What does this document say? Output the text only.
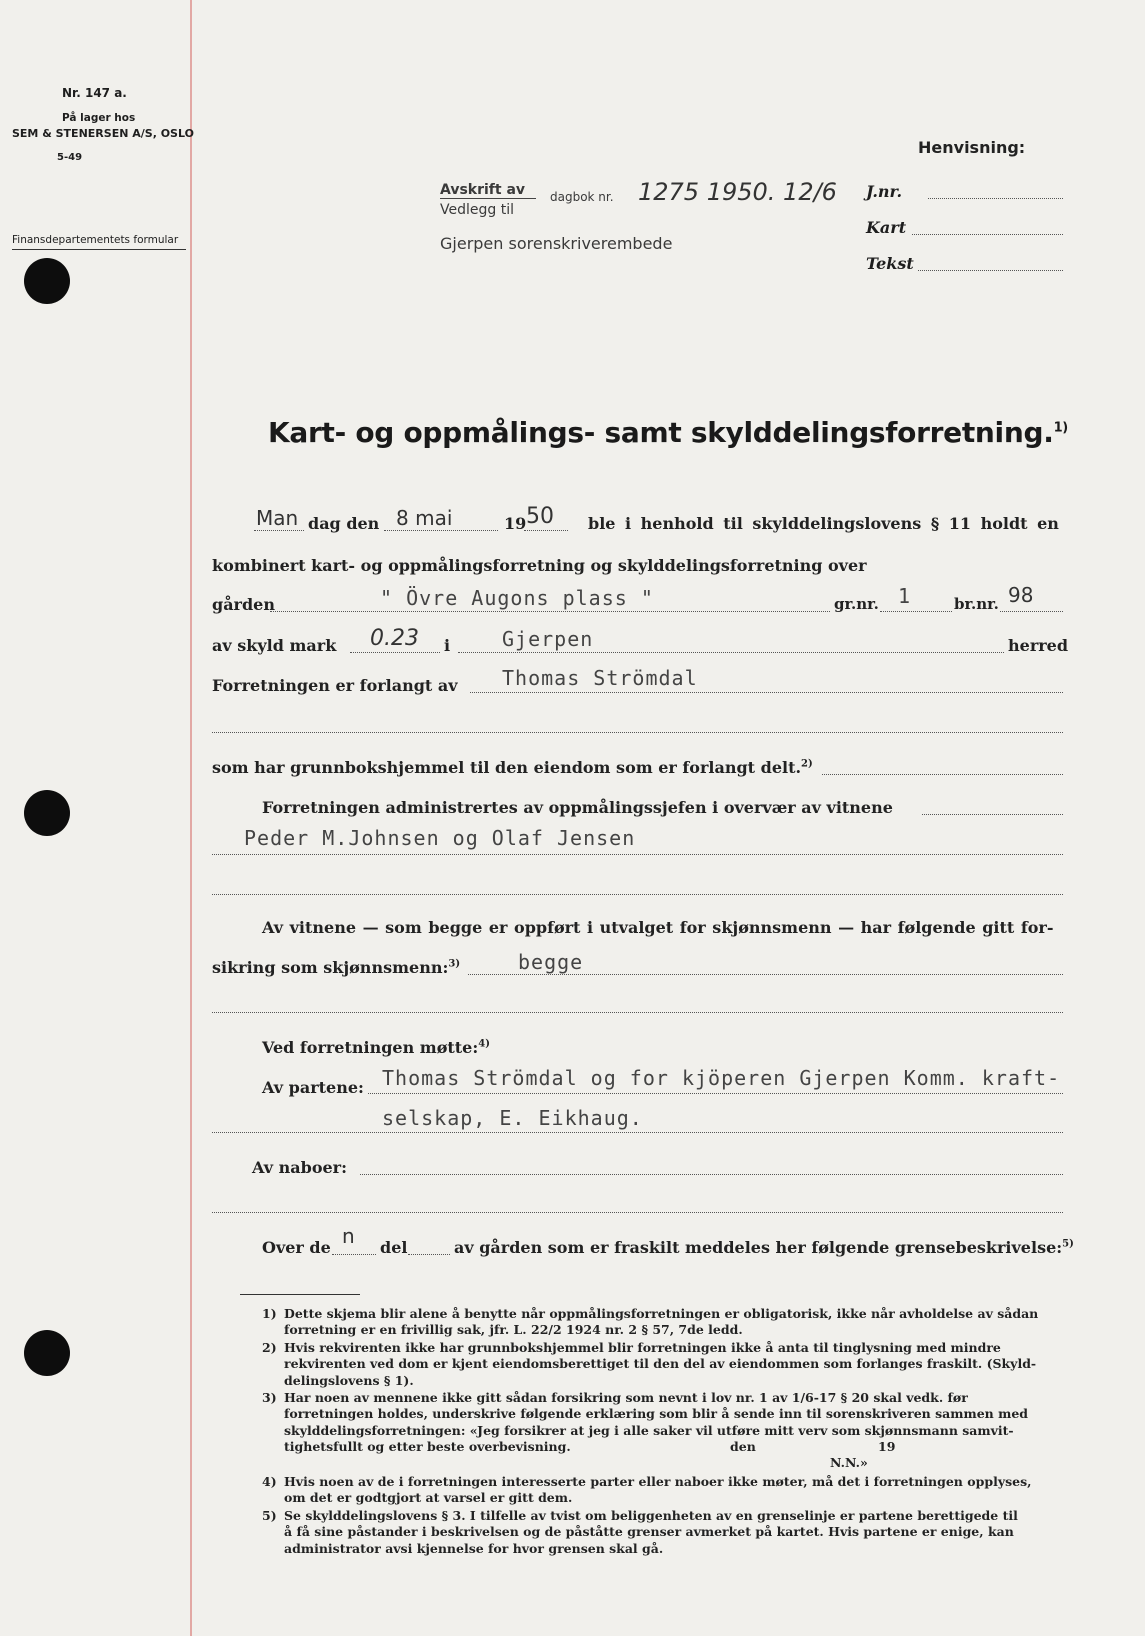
Nr. 147 a.
På lager hos
SEM & STENERSEN A/S, OSLO
5-49
Finansdepartementets formular
Avskrift av dagbok nr.
Vedlegg til
Gjerpen sorenskriverembede
1275 1950. 12/6
Henvisning:
J.nr.
Kart
Tekst
Kart- og oppmålings- samt skylddelingsforretning.$^{1)}$
Man dag den 8 mai	19 50 ble i henhold til skylddelingslovens § 11 holdt en
kombinert kart- og oppmålingsforretning og skylddelingsforretning over
gården	" Övre Augons plass "	gr.nr. 1	br.nr. 98
av skyld mark 0.23 i	Gjerpen	herred
Forretningen er forlangt av Thomas Strömdal
som har grunnbokshjemmel til den eiendom som er forlangt delt.$^{2)}$
Forretningen administrertes av oppmålingssjefen i overvær av vitnene
Peder M.Johnsen og Olaf Jensen
Av vitnene — som begge er oppført i utvalget for skjønnsmenn — har følgende gitt for-
sikring som skjønnsmenn:$^{3)}$	begge
Ved forretningen møtte:$^{4)}$
Av partene: Thomas Strömdal og for kjöperen Gjerpen Komm. kraft-
selskap, E. Eikhaug.
Av naboer:
Over de n del	av gården som er fraskilt meddeles her følgende grensebeskrivelse:$^{5)}$
1) Dette skjema blir alene å benytte når oppmålingsforretningen er obligatorisk, ikke når avholdelse av sådan
forretning er en frivillig sak, jfr. L. 22/2 1924 nr. 2 § 57, 7de ledd.
2) Hvis rekvirenten ikke har grunnbokshjemmel blir forretningen ikke å anta til tinglysning med mindre
rekvirenten ved dom er kjent eiendomsberettiget til den del av eiendommen som forlanges fraskilt. (Skyld-
delingslovens § 1).
3) Har noen av mennene ikke gitt sådan forsikring som nevnt i lov nr. 1 av 1/6-17 § 20 skal vedk. før
forretningen holdes, underskrive følgende erklæring som blir å sende inn til sorenskriveren sammen med
skylddelingsforretningen: «Jeg forsikrer at jeg i alle saker vil utføre mitt verv som skjønnsmann samvit-
tighetsfullt og etter beste overbevisning.	den	19
N.N.»
4) Hvis noen av de i forretningen interesserte parter eller naboer ikke møter, må det i forretningen opplyses,
om det er godtgjort at varsel er gitt dem.
5) Se skylddelingslovens § 3. I tilfelle av tvist om beliggenheten av en grenselinje er partene berettigede til
å få sine påstander i beskrivelsen og de påståtte grenser avmerket på kartet. Hvis partene er enige, kan
administrator avsi kjennelse for hvor grensen skal gå.
